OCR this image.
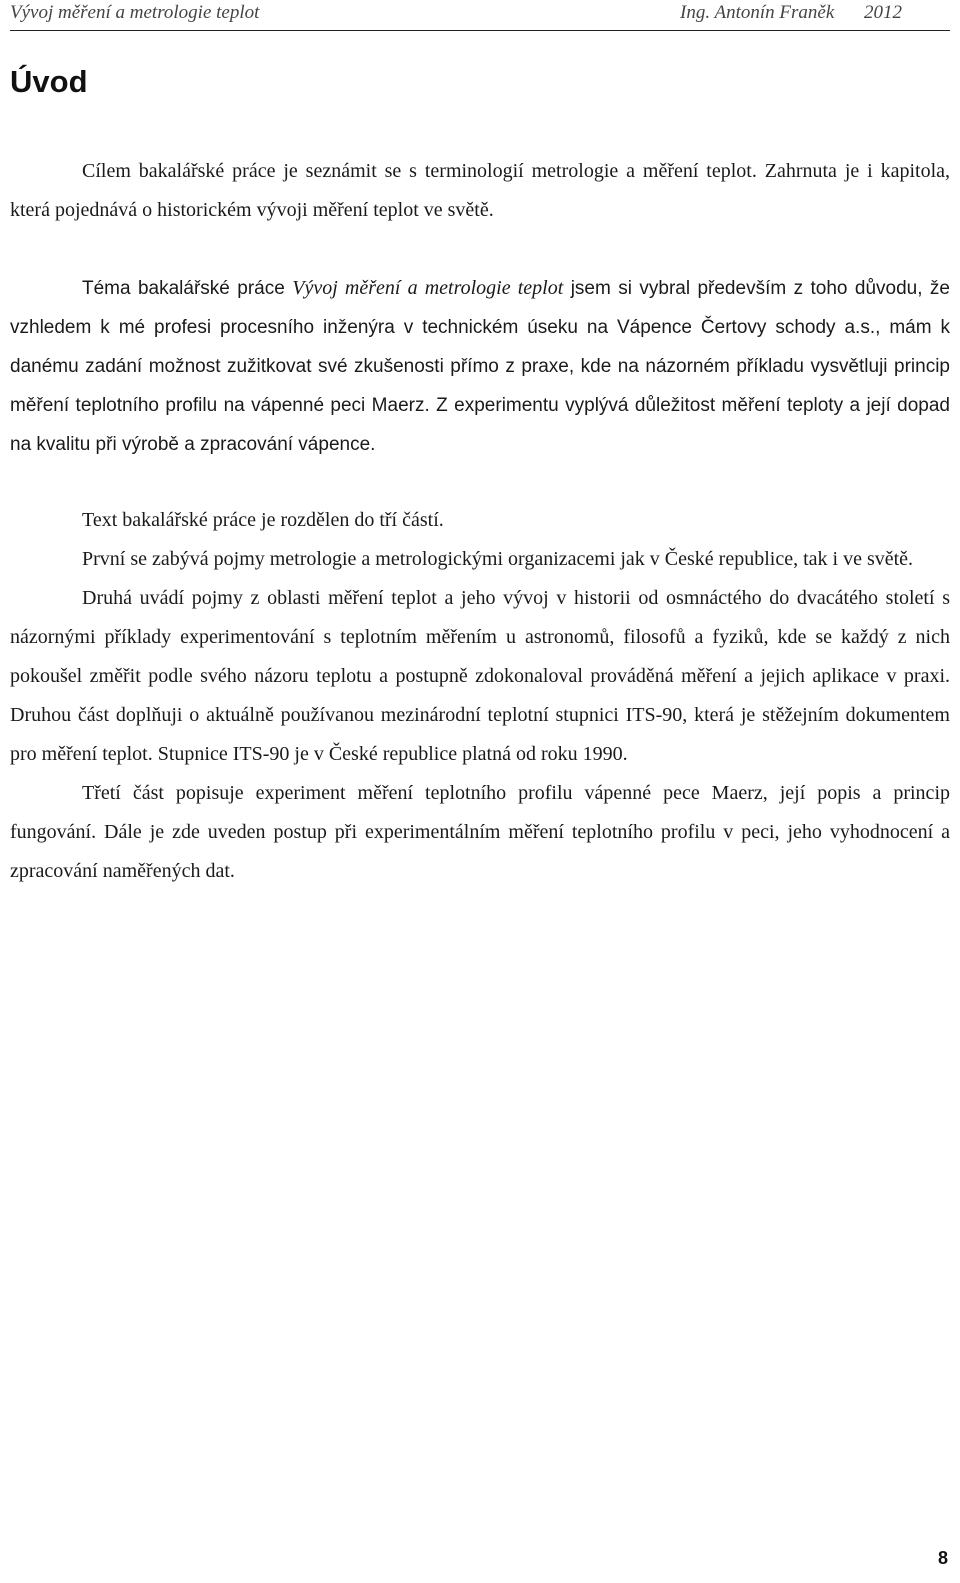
Vývoj měření a metrologie teplot	Ing. Antonín Franěk 2012
Úvod

Cílem bakalářské práce je seznámit se s terminologií metrologie a měření teplot. Zahrnuta je i kapitola, která pojednává o historickém vývoji měření teplot ve světě.

Téma bakalářské práce Vývoj měření a metrologie teplot jsem si vybral především z toho důvodu, že vzhledem k mé profesi procesního inženýra v technickém úseku na Vápence Čertovy schody a.s., mám k danému zadání možnost zužitkovat své zkušenosti přímo z praxe, kde na názorném příkladu vysvětluji princip měření teplotního profilu na vápenné peci Maerz. Z experimentu vyplývá důležitost měření teploty a její dopad na kvalitu při výrobě a zpracování vápence.

Text bakalářské práce je rozdělen do tří částí.

První se zabývá pojmy metrologie a metrologickými organizacemi jak v České republice, tak i ve světě.

Druhá uvádí pojmy z oblasti měření teplot a jeho vývoj v historii od osmnáctého do dvacátého století s názornými příklady experimentování s teplotním měřením u astronomů, filosofů a fyziků, kde se každý z nich pokoušel změřit podle svého názoru teplotu a postupně zdokonaloval prováděná měření a jejich aplikace v praxi. Druhou část doplňuji o aktuálně používanou mezinárodní teplotní stupnici ITS-90, která je stěžejním dokumentem pro měření teplot. Stupnice ITS-90 je v České republice platná od roku 1990.

Třetí část popisuje experiment měření teplotního profilu vápenné pece Maerz, její popis a princip fungování. Dále je zde uveden postup při experimentálním měření teplotního profilu v peci, jeho vyhodnocení a zpracování naměřených dat.

8
